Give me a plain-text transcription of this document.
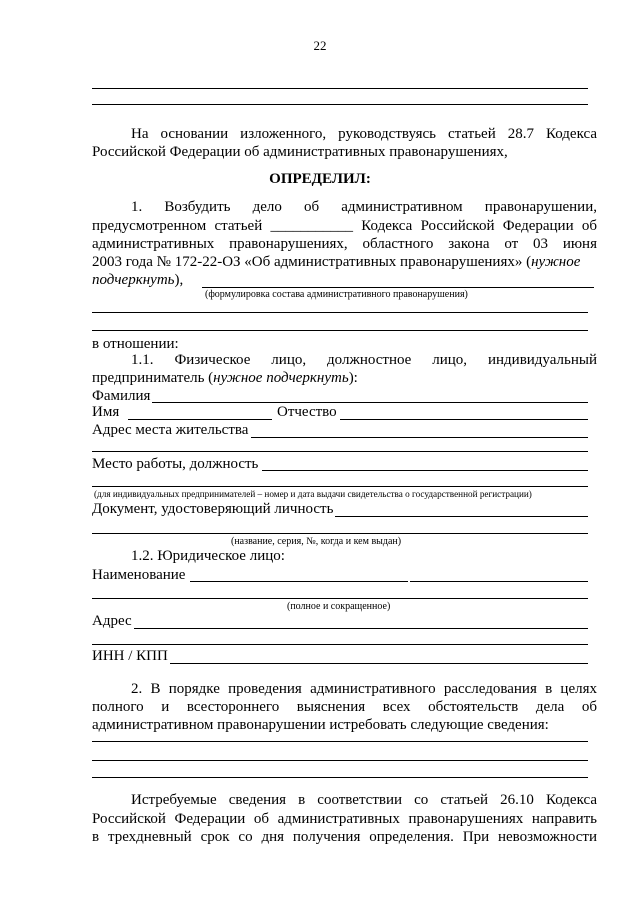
22
На основании изложенного, руководствуясь статьей 28.7 Кодекса
Российской Федерации об административных правонарушениях,
ОПРЕДЕЛИЛ:
1. Возбудить дело об административном правонарушении,
предусмотренном статьей ___________ Кодекса Российской Федерации об
административных правонарушениях, областного закона от 03 июня
2003 года № 172-22-ОЗ «Об административных правонарушениях» (нужное
подчеркнуть),
(формулировка состава административного правонарушения)
в отношении:
1.1. Физическое лицо, должностное лицо, индивидуальный
предприниматель (нужное подчеркнуть):
Фамилия
Имя	Отчество
Адрес места жительства
Место работы, должность
(для индивидуальных предпринимателей – номер и дата выдачи свидетельства о государственной регистрации)
Документ, удостоверяющий личность
(название, серия, №, когда и кем выдан)
1.2. Юридическое лицо:
Наименование
(полное и сокращенное)
Адрес
ИНН / КПП
2. В порядке проведения административного расследования в целях
полного и всестороннего выяснения всех обстоятельств дела об
административном правонарушении истребовать следующие сведения:
Истребуемые сведения в соответствии со статьей 26.10 Кодекса
Российской Федерации об административных правонарушениях направить
в трехдневный срок со дня получения определения. При невозможности
